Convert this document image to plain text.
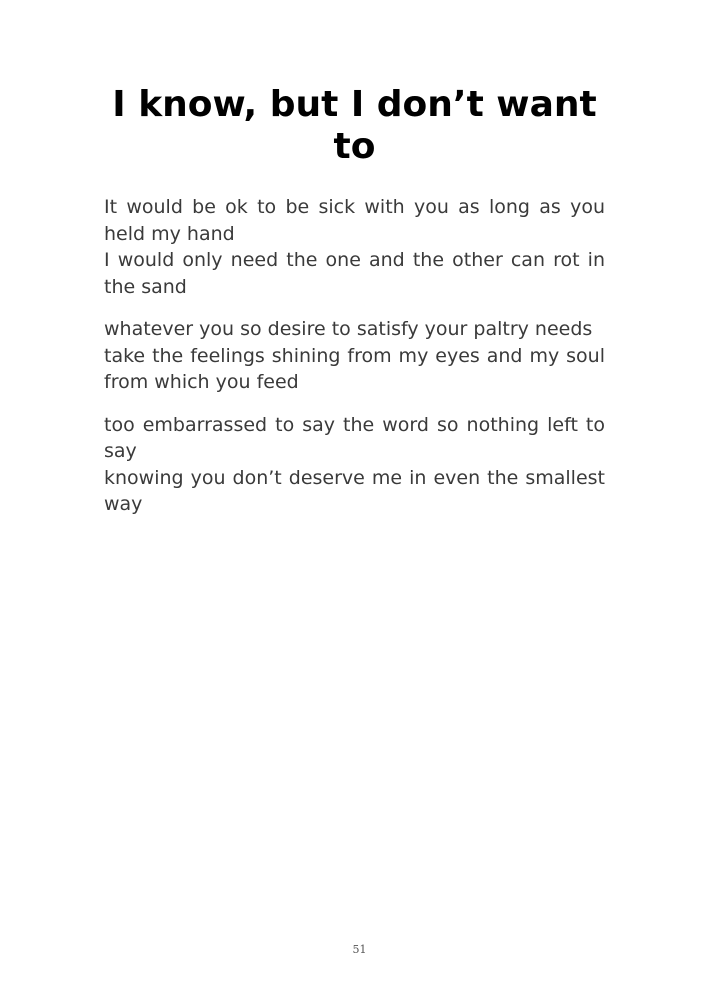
I know, but I don’t want to

It would be ok to be sick with you as long as you held my hand

I would only need the one and the other can rot in the sand

whatever you so desire to satisfy your paltry needs

take the feelings shining from my eyes and my soul from which you feed

too embarrassed to say the word so nothing left to say

knowing you don’t deserve me in even the smallest way

51
